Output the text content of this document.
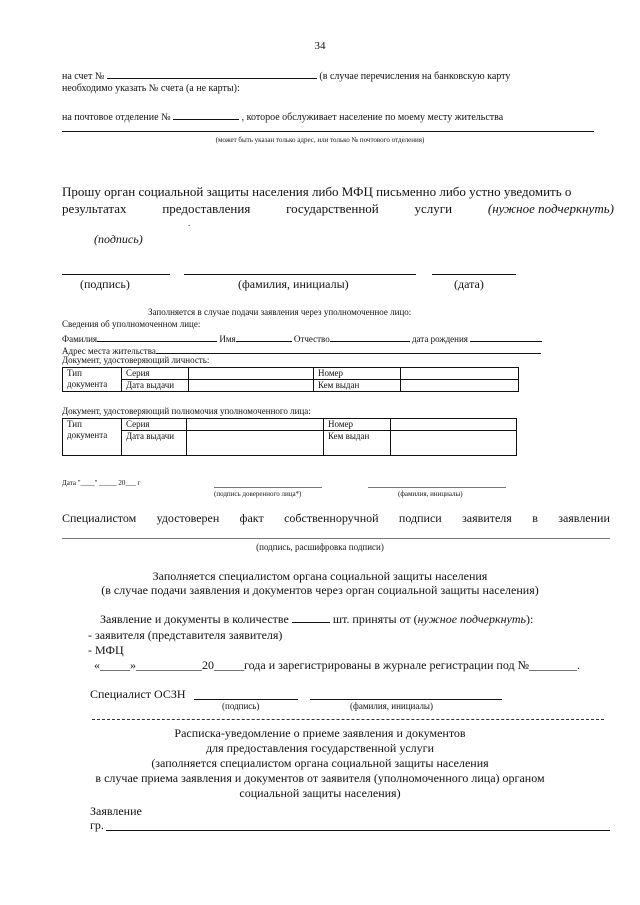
34
на счет №	(в случае перечисления на банковскую карту
необходимо указать № счета (а не карты):
на почтовое отделение №	, которое обслуживает население по моему месту жительства
(может быть указан только адрес, или только № почтового отделения)
Прошу орган социальной защиты населения либо МФЦ письменно либо устно уведомить о
результатах	предоставления	государственной	услуги	(нужное подчеркнуть)
.
(подпись)
(подпись)	(фамилия, инициалы)	(дата)
Заполняется в случае подачи заявления через уполномоченное лицо:
Сведения об уполномоченном лице:
Фамилия	Имя	Отчество	дата рождения
Адрес места жительства
Документ, удостоверяющий личность:
Тип документа	Серия		Номер	
	Дата выдачи		Кем выдан	
Документ, удостоверяющий полномочия уполномоченного лица:
Тип документа	Серия		Номер	
	Дата выдачи		Кем выдан	
Дата "____" _____ 20___ г
(подпись доверенного лица*)	(фамилия, инициалы)
Специалистом удостоверен факт собственноручной подписи заявителя в заявлении
(подпись, расшифровка подписи)
Заполняется специалистом органа социальной защиты населения
(в случае подачи заявления и документов через орган социальной защиты населения)
Заявление и документы в количестве	шт. приняты от (нужное подчеркнуть):
- заявителя (представителя заявителя)
- МФЦ
«_____»___________20_____года и зарегистрированы в журнале регистрации под №________.
Специалист ОСЗН
(подпись)	(фамилия, инициалы)
Расписка-уведомление о приеме заявления и документов
для предоставления государственной услуги
(заполняется специалистом органа социальной защиты населения
в случае приема заявления и документов от заявителя (уполномоченного лица) органом
социальной защиты населения)
Заявление
гр.
